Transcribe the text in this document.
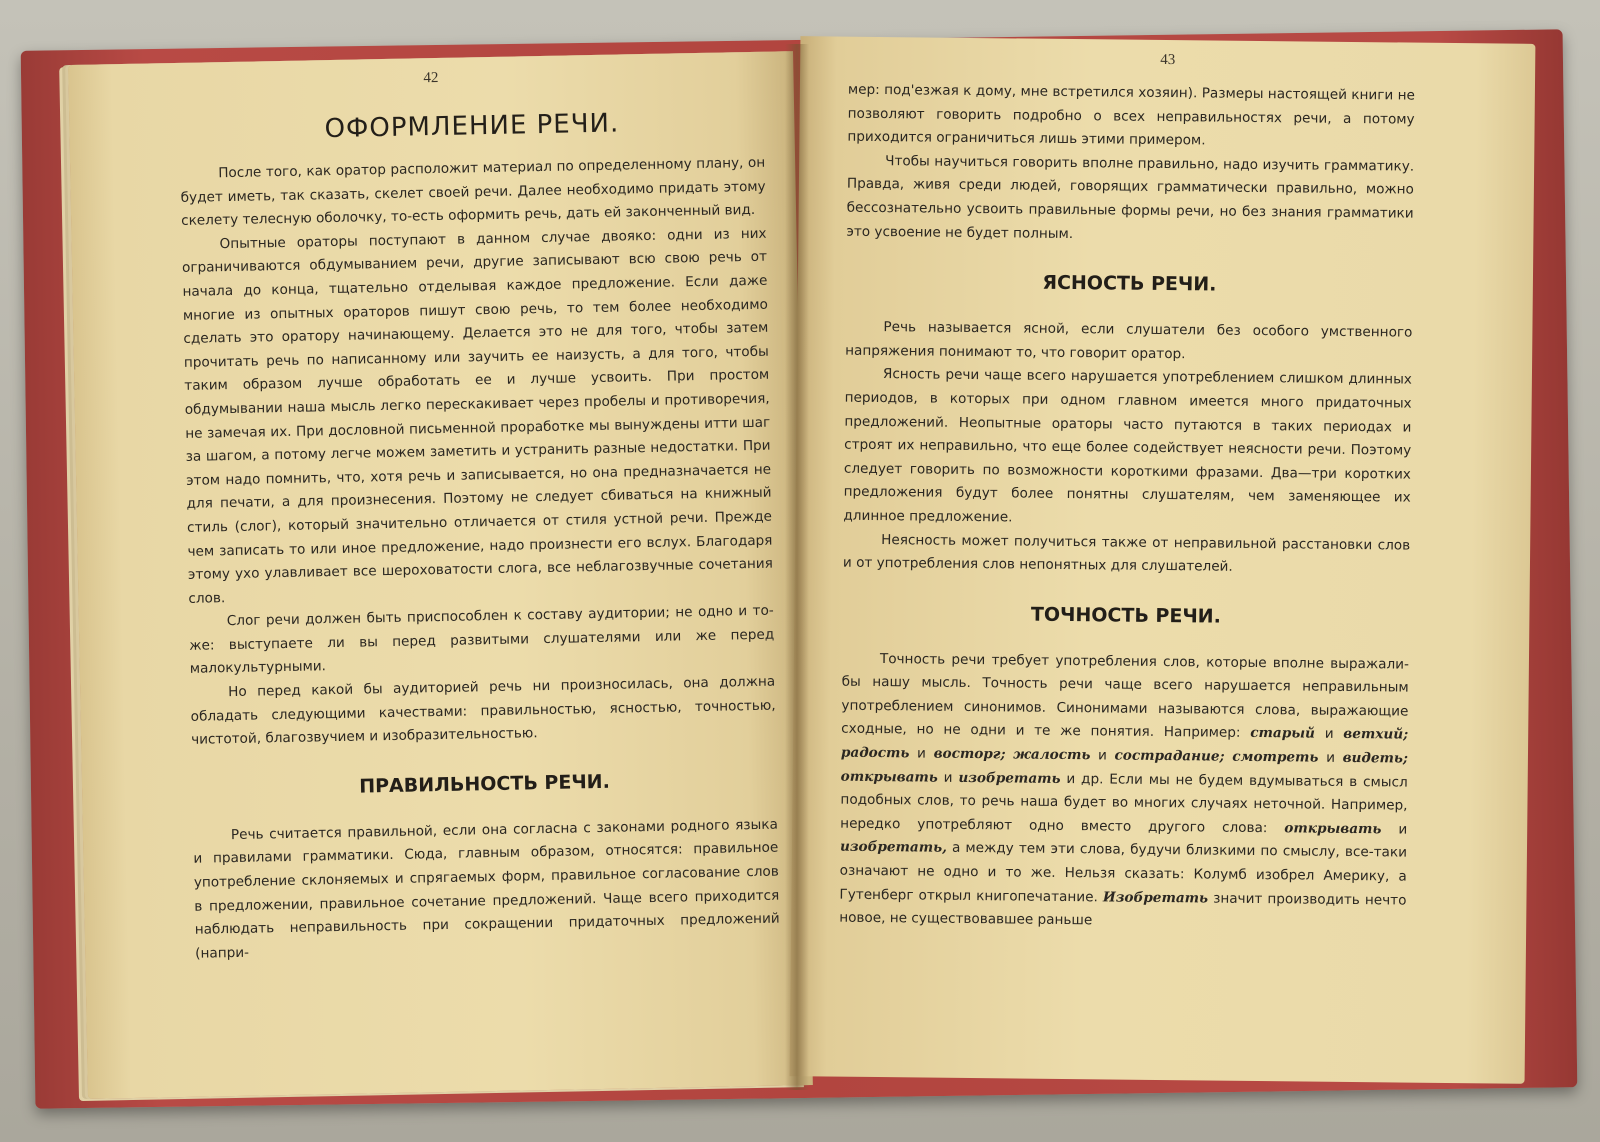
42
ОФОРМЛЕНИЕ РЕЧИ.

После того, как оратор расположит материал по определенному плану, он будет иметь, так сказать, скелет своей речи. Далее необходимо придать этому скелету телесную оболочку, то-есть оформить речь, дать ей законченный вид.

Опытные ораторы поступают в данном случае двояко: одни из них ограничиваются обдумыванием речи, другие записывают всю свою речь от начала до конца, тщательно отделывая каждое предложение. Если даже многие из опытных ораторов пишут свою речь, то тем более необходимо сделать это оратору начинающему. Делается это не для того, чтобы затем прочитать речь по написанному или заучить ее наизусть, а для того, чтобы таким образом лучше обработать ее и лучше усвоить. При простом обдумывании наша мысль легко перескакивает через пробелы и противоречия, не замечая их. При дословной письменной проработке мы вынуждены итти шаг за шагом, а потому легче можем заметить и устранить разные недостатки. При этом надо помнить, что, хотя речь и записывается, но она предназначается не для печати, а для произнесения. Поэтому не следует сбиваться на книжный стиль (слог), который значительно отличается от стиля устной речи. Прежде чем записать то или иное предложение, надо произнести его вслух. Благодаря этому ухо улавливает все шероховатости слога, все неблагозвучные сочетания слов.

Слог речи должен быть приспособлен к составу аудитории; не одно и то-же: выступаете ли вы перед развитыми слушателями или же перед малокультурными.

Но перед какой бы аудиторией речь ни произносилась, она должна обладать следующими качествами: правильностью, ясностью, точностью, чистотой, благозвучием и изобразительностью.

ПРАВИЛЬНОСТЬ РЕЧИ.

Речь считается правильной, если она согласна с законами родного языка и правилами грамматики. Сюда, главным образом, относятся: правильное употребление склоняемых и спрягаемых форм, правильное согласование слов в предложении, правильное сочетание предложений. Чаще всего приходится наблюдать неправильность при сокращении придаточных предложений (напри-

43

мер: под'езжая к дому, мне встретился хозяин). Размеры настоящей книги не позволяют говорить подробно о всех неправильностях речи, а потому приходится ограничиться лишь этими примером.

Чтобы научиться говорить вполне правильно, надо изучить грамматику. Правда, живя среди людей, говорящих грамматически правильно, можно бессознательно усвоить правильные формы речи, но без знания грамматики это усвоение не будет полным.

ЯСНОСТЬ РЕЧИ.

Речь называется ясной, если слушатели без особого умственного напряжения понимают то, что говорит оратор.

Ясность речи чаще всего нарушается употреблением слишком длинных периодов, в которых при одном главном имеется много придаточных предложений. Неопытные ораторы часто путаются в таких периодах и строят их неправильно, что еще более содействует неясности речи. Поэтому следует говорить по возможности короткими фразами. Два—три коротких предложения будут более понятны слушателям, чем заменяющее их длинное предложение.

Неясность может получиться также от неправильной расстановки слов и от употребления слов непонятных для слушателей.

ТОЧНОСТЬ РЕЧИ.

Точность речи требует употребления слов, которые вполне выражали-бы нашу мысль. Точность речи чаще всего нарушается неправильным употреблением синонимов. Синонимами называются слова, выражающие сходные, но не одни и те же понятия. Например: старый и ветхий; радость и восторг; жалость и сострадание; смотреть и видеть; открывать и изобретать и др. Если мы не будем вдумываться в смысл подобных слов, то речь наша будет во многих случаях неточной. Например, нередко употребляют одно вместо другого слова: открывать и изобретать, а между тем эти слова, будучи близкими по смыслу, все-таки означают не одно и то же. Нельзя сказать: Колумб изобрел Америку, а Гутенберг открыл книгопечатание. Изобретать значит производить нечто новое, не существовавшее раньше
